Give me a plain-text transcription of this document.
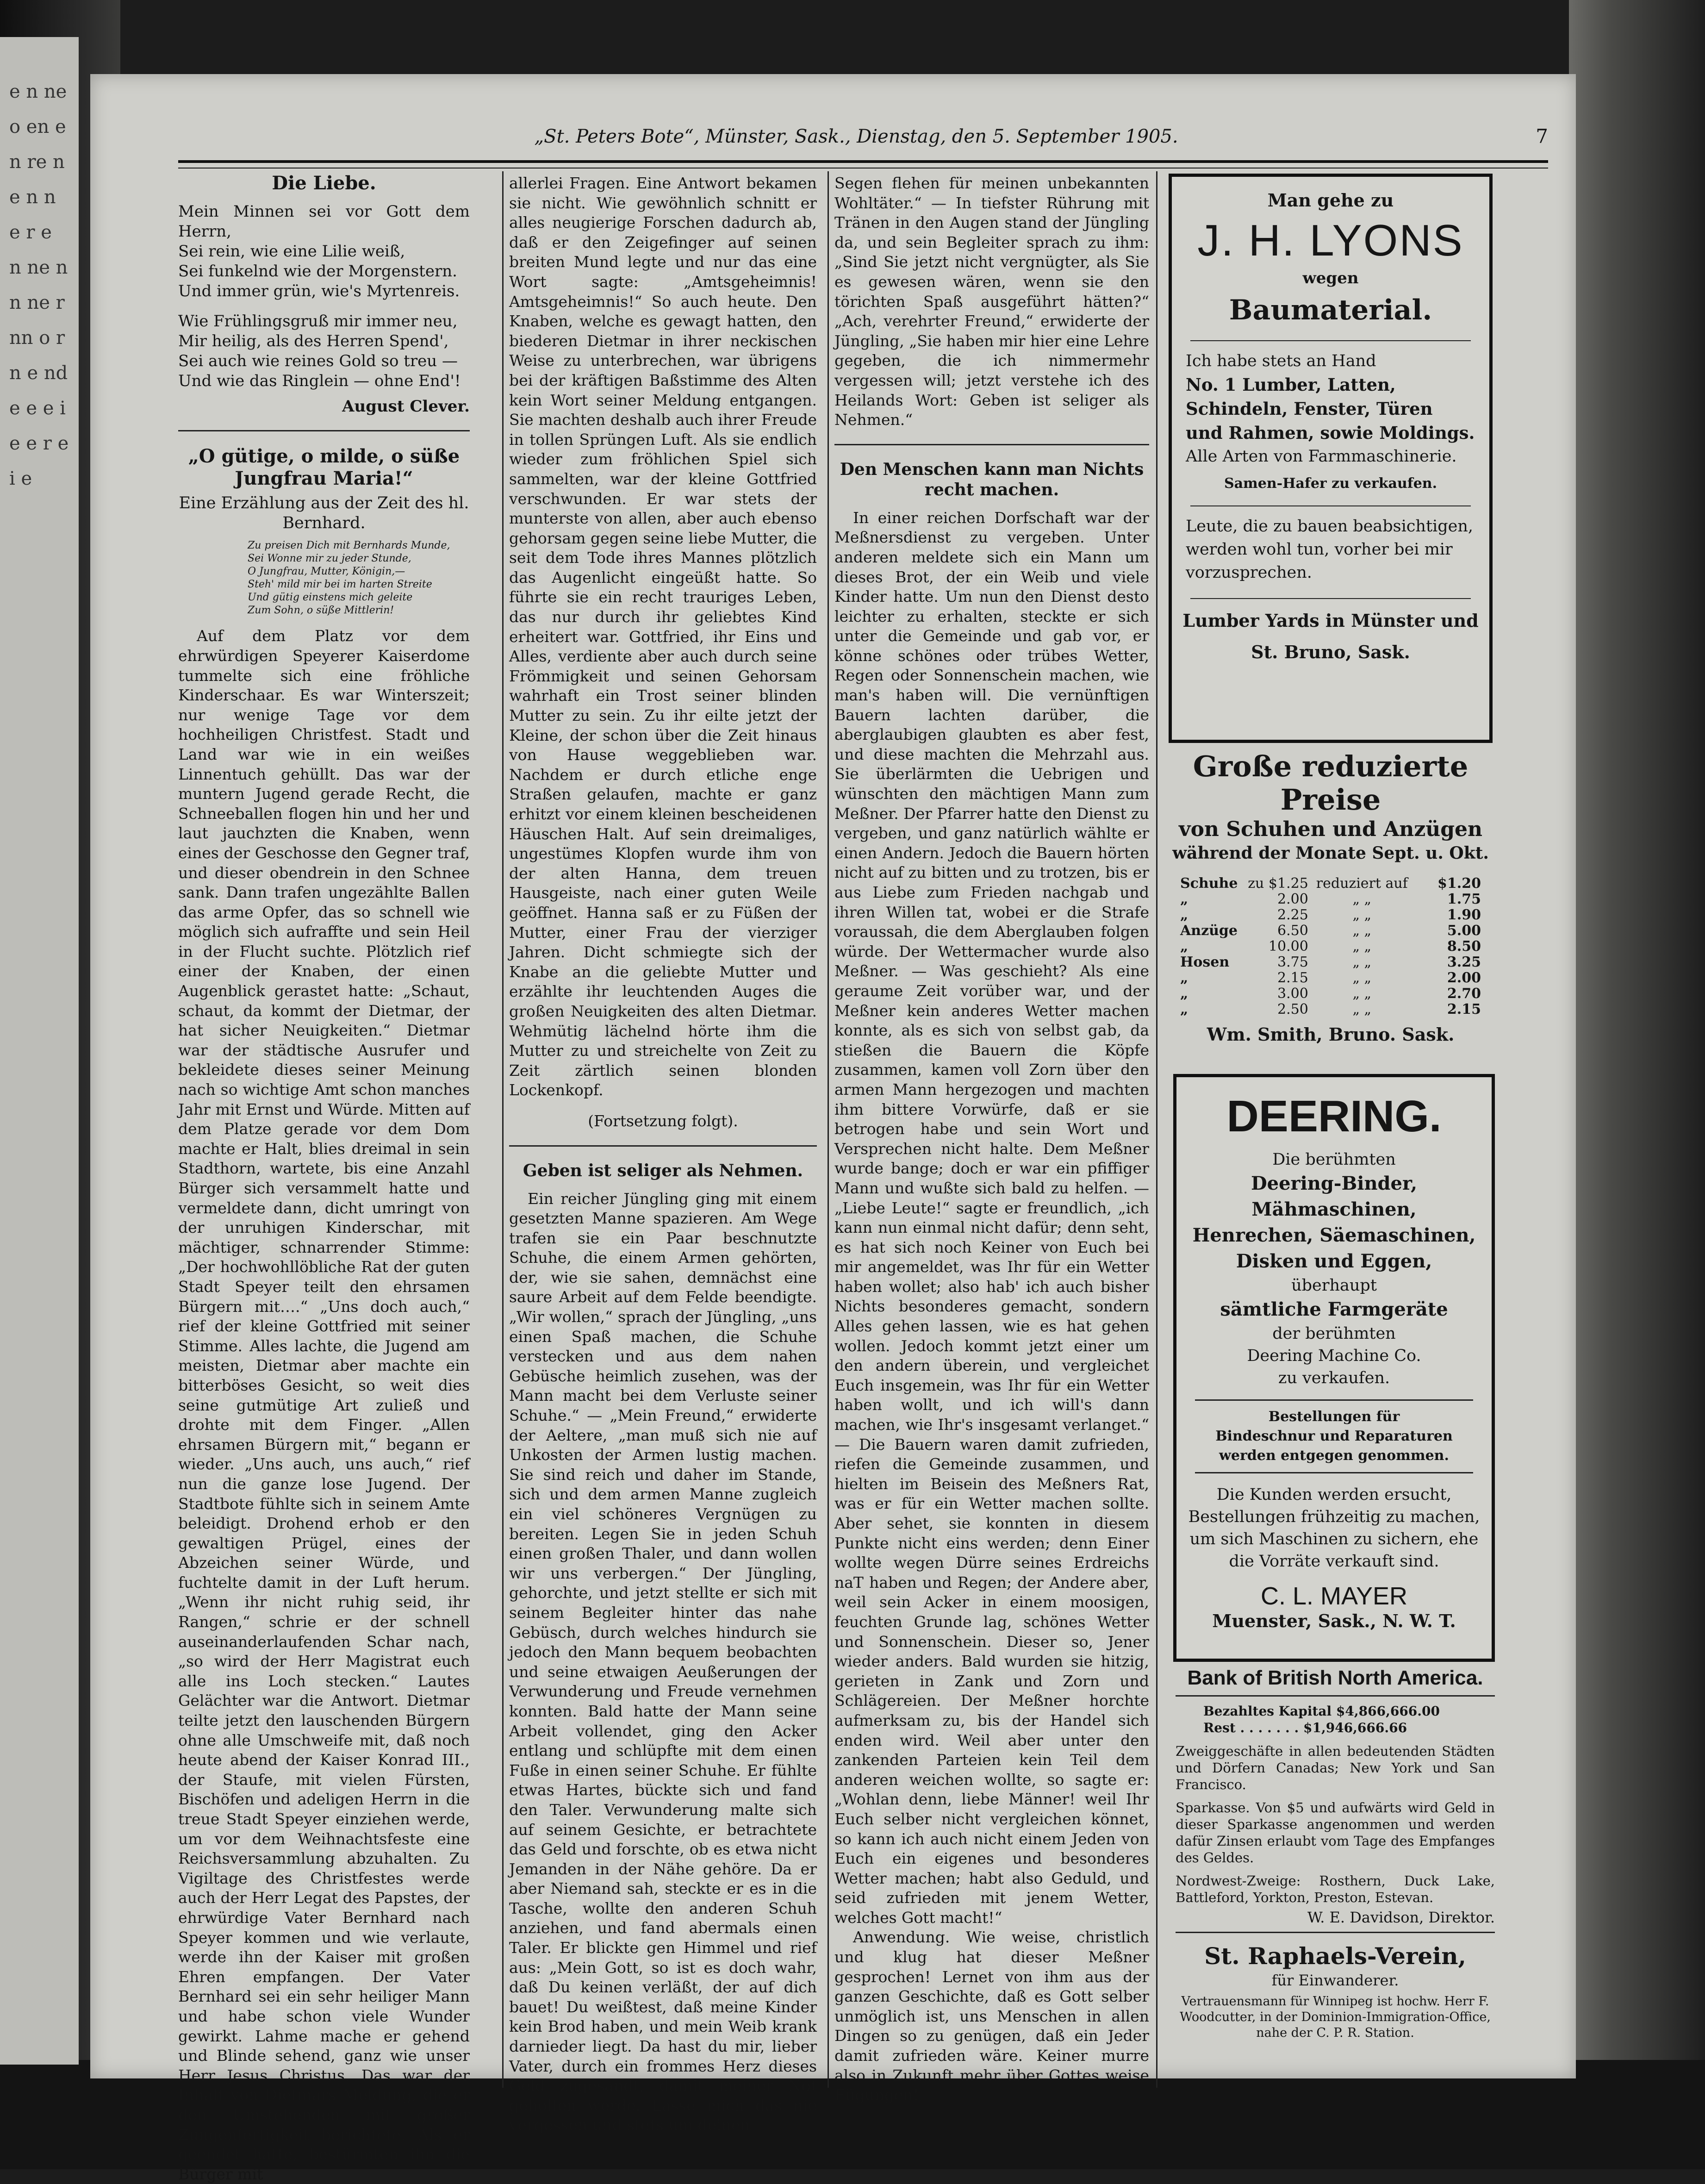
e n ne o en en re ne n n e r e n ne n n ne r nn o r n e nd e e e i e e r e i e
„St. Peters Bote“, Münster, Sask., Dienstag, den 5. September 1905.	7
Die Liebe.

Mein Minnen sei vor Gott dem Herrn,

Sei rein, wie eine Lilie weiß,

Sei funkelnd wie der Morgenstern.

Und immer grün, wie's Myrtenreis.

Wie Frühlingsgruß mir immer neu,

Mir heilig, als des Herren Spend',

Sei auch wie reines Gold so treu —

Und wie das Ringlein — ohne End'!

August Clever.
„O gütige, o milde, o süße Jungfrau Maria!“
Eine Erzählung aus der Zeit des hl. Bernhard.
Zu preisen Dich mit Bernhards Munde,
Sei Wonne mir zu jeder Stunde,
O Jungfrau, Mutter, Königin,—
Steh' mild mir bei im harten Streite
Und gütig einstens mich geleite
Zum Sohn, o süße Mittlerin!

Auf dem Platz vor dem ehrwürdigen Speyerer Kaiserdome tummelte sich eine fröhliche Kinderschaar. Es war Winterszeit; nur wenige Tage vor dem hochheiligen Christfest. Stadt und Land war wie in ein weißes Linnentuch gehüllt. Das war der muntern Jugend gerade Recht, die Schneeballen flogen hin und her und laut jauchzten die Knaben, wenn eines der Geschosse den Gegner traf, und dieser obendrein in den Schnee sank. Dann trafen ungezählte Ballen das arme Opfer, das so schnell wie möglich sich aufraffte und sein Heil in der Flucht suchte. Plötzlich rief einer der Knaben, der einen Augenblick gerastet hatte: „Schaut, schaut, da kommt der Dietmar, der hat sicher Neuigkeiten.“ Dietmar war der städtische Ausrufer und bekleidete dieses seiner Meinung nach so wichtige Amt schon manches Jahr mit Ernst und Würde. Mitten auf dem Platze gerade vor dem Dom machte er Halt, blies dreimal in sein Stadthorn, wartete, bis eine Anzahl Bürger sich versammelt hatte und vermeldete dann, dicht umringt von der unruhigen Kinderschar, mit mächtiger, schnarrender Stimme: „Der hochwohllöbliche Rat der guten Stadt Speyer teilt den ehrsamen Bürgern mit….“ „Uns doch auch,“ rief der kleine Gottfried mit seiner Stimme. Alles lachte, die Jugend am meisten, Dietmar aber machte ein bitterböses Gesicht, so weit dies seine gutmütige Art zuließ und drohte mit dem Finger. „Allen ehrsamen Bürgern mit,“ begann er wieder. „Uns auch, uns auch,“ rief nun die ganze lose Jugend. Der Stadtbote fühlte sich in seinem Amte beleidigt. Drohend erhob er den gewaltigen Prügel, eines der Abzeichen seiner Würde, und fuchtelte damit in der Luft herum. „Wenn ihr nicht ruhig seid, ihr Rangen,“ schrie er der schnell auseinanderlaufenden Schar nach, „so wird der Herr Magistrat euch alle ins Loch stecken.“ Lautes Gelächter war die Antwort. Dietmar teilte jetzt den lauschenden Bürgern ohne alle Umschweife mit, daß noch heute abend der Kaiser Konrad III., der Staufe, mit vielen Fürsten, Bischöfen und adeligen Herrn in die treue Stadt Speyer einziehen werde, um vor dem Weihnachtsfeste eine Reichsversammlung abzuhalten. Zu Vigiltage des Christfestes werde auch der Herr Legat des Papstes, der ehrwürdige Vater Bernhard nach Speyer kommen und wie verlaute, werde ihn der Kaiser mit großen Ehren empfangen. Der Vater Bernhard sei ein sehr heiliger Mann und habe schon viele Wunder gewirkt. Lahme mache er gehend und Blinde sehend, ganz wie unser Herr Jesus Christus. Das war der Inhalt von Dietmars Meldung, die er den Umstehenden mit großer Zungenfertigkeit berichtete. Als er geendet hatte, bestürmten ihn die Bürger mit

allerlei Fragen. Eine Antwort bekamen sie nicht. Wie gewöhnlich schnitt er alles neugierige Forschen dadurch ab, daß er den Zeigefinger auf seinen breiten Mund legte und nur das eine Wort sagte: „Amtsgeheimnis! Amtsgeheimnis!“ So auch heute. Den Knaben, welche es gewagt hatten, den biederen Dietmar in ihrer neckischen Weise zu unterbrechen, war übrigens bei der kräftigen Baßstimme des Alten kein Wort seiner Meldung entgangen. Sie machten deshalb auch ihrer Freude in tollen Sprüngen Luft. Als sie endlich wieder zum fröhlichen Spiel sich sammelten, war der kleine Gottfried verschwunden. Er war stets der munterste von allen, aber auch ebenso gehorsam gegen seine liebe Mutter, die seit dem Tode ihres Mannes plötzlich das Augenlicht eingeüßt hatte. So führte sie ein recht trauriges Leben, das nur durch ihr geliebtes Kind erheitert war. Gottfried, ihr Eins und Alles, verdiente aber auch durch seine Frömmigkeit und seinen Gehorsam wahrhaft ein Trost seiner blinden Mutter zu sein. Zu ihr eilte jetzt der Kleine, der schon über die Zeit hinaus von Hause weggeblieben war. Nachdem er durch etliche enge Straßen gelaufen, machte er ganz erhitzt vor einem kleinen bescheidenen Häuschen Halt. Auf sein dreimaliges, ungestümes Klopfen wurde ihm von der alten Hanna, dem treuen Hausgeiste, nach einer guten Weile geöffnet. Hanna saß er zu Füßen der Mutter, einer Frau der vierziger Jahren. Dicht schmiegte sich der Knabe an die geliebte Mutter und erzählte ihr leuchtenden Auges die großen Neuigkeiten des alten Dietmar. Wehmütig lächelnd hörte ihm die Mutter zu und streichelte von Zeit zu Zeit zärtlich seinen blonden Lockenkopf.

(Fortsetzung folgt).
Geben ist seliger als Nehmen.

Ein reicher Jüngling ging mit einem gesetzten Manne spazieren. Am Wege trafen sie ein Paar beschnutzte Schuhe, die einem Armen gehörten, der, wie sie sahen, demnächst eine saure Arbeit auf dem Felde beendigte. „Wir wollen,“ sprach der Jüngling, „uns einen Spaß machen, die Schuhe verstecken und aus dem nahen Gebüsche heimlich zusehen, was der Mann macht bei dem Verluste seiner Schuhe.“ — „Mein Freund,“ erwiderte der Aeltere, „man muß sich nie auf Unkosten der Armen lustig machen. Sie sind reich und daher im Stande, sich und dem armen Manne zugleich ein viel schöneres Vergnügen zu bereiten. Legen Sie in jeden Schuh einen großen Thaler, und dann wollen wir uns verbergen.“ Der Jüngling, gehorchte, und jetzt stellte er sich mit seinem Begleiter hinter das nahe Gebüsch, durch welches hindurch sie jedoch den Mann bequem beobachten und seine etwaigen Aeußerungen der Verwunderung und Freude vernehmen konnten. Bald hatte der Mann seine Arbeit vollendet, ging den Acker entlang und schlüpfte mit dem einen Fuße in einen seiner Schuhe. Er fühlte etwas Hartes, bückte sich und fand den Taler. Verwunderung malte sich auf seinem Gesichte, er betrachtete das Geld und forschte, ob es etwa nicht Jemanden in der Nähe gehöre. Da er aber Niemand sah, steckte er es in die Tasche, wollte den anderen Schuh anziehen, und fand abermals einen Taler. Er blickte gen Himmel und rief aus: „Mein Gott, so ist es doch wahr, daß Du keinen verläßt, der auf dich bauet! Du weißtest, daß meine Kinder kein Brod haben, und mein Weib krank darnieder liegt. Da hast du mir, lieber Vater, durch ein frommes Herz dieses Geld zugesandt, damit meiner Not geholfen werde. Lasse mich das nie vergessen und stets um deinen

Segen flehen für meinen unbekannten Wohltäter.“ — In tiefster Rührung mit Tränen in den Augen stand der Jüngling da, und sein Begleiter sprach zu ihm: „Sind Sie jetzt nicht vergnügter, als Sie es gewesen wären, wenn sie den törichten Spaß ausgeführt hätten?“ „Ach, verehrter Freund,“ erwiderte der Jüngling, „Sie haben mir hier eine Lehre gegeben, die ich nimmermehr vergessen will; jetzt verstehe ich des Heilands Wort: Geben ist seliger als Nehmen.“

Den Menschen kann man Nichts recht machen.

In einer reichen Dorfschaft war der Meßnersdienst zu vergeben. Unter anderen meldete sich ein Mann um dieses Brot, der ein Weib und viele Kinder hatte. Um nun den Dienst desto leichter zu erhalten, steckte er sich unter die Gemeinde und gab vor, er könne schönes oder trübes Wetter, Regen oder Sonnenschein machen, wie man's haben will. Die vernünftigen Bauern lachten darüber, die aberglaubigen glaubten es aber fest, und diese machten die Mehrzahl aus. Sie überlärmten die Uebrigen und wünschten den mächtigen Mann zum Meßner. Der Pfarrer hatte den Dienst zu vergeben, und ganz natürlich wählte er einen Andern. Jedoch die Bauern hörten nicht auf zu bitten und zu trotzen, bis er aus Liebe zum Frieden nachgab und ihren Willen tat, wobei er die Strafe voraussah, die dem Aberglauben folgen würde. Der Wettermacher wurde also Meßner. — Was geschieht? Als eine geraume Zeit vorüber war, und der Meßner kein anderes Wetter machen konnte, als es sich von selbst gab, da stießen die Bauern die Köpfe zusammen, kamen voll Zorn über den armen Mann hergezogen und machten ihm bittere Vorwürfe, daß er sie betrogen habe und sein Wort und Versprechen nicht halte. Dem Meßner wurde bange; doch er war ein pfiffiger Mann und wußte sich bald zu helfen. — „Liebe Leute!“ sagte er freundlich, „ich kann nun einmal nicht dafür; denn seht, es hat sich noch Keiner von Euch bei mir angemeldet, was Ihr für ein Wetter haben wollet; also hab' ich auch bisher Nichts besonderes gemacht, sondern Alles gehen lassen, wie es hat gehen wollen. Jedoch kommt jetzt einer um den andern überein, und vergleichet Euch insgemein, was Ihr für ein Wetter haben wollt, und ich will's dann machen, wie Ihr's insgesamt verlanget.“ — Die Bauern waren damit zufrieden, riefen die Gemeinde zusammen, und hielten im Beisein des Meßners Rat, was er für ein Wetter machen sollte. Aber sehet, sie konnten in diesem Punkte nicht eins werden; denn Einer wollte wegen Dürre seines Erdreichs naT haben und Regen; der Andere aber, weil sein Acker in einem moosigen, feuchten Grunde lag, schönes Wetter und Sonnenschein. Dieser so, Jener wieder anders. Bald wurden sie hitzig, gerieten in Zank und Zorn und Schlägereien. Der Meßner horchte aufmerksam zu, bis der Handel sich enden wird. Weil aber unter den zankenden Parteien kein Teil dem anderen weichen wollte, so sagte er: „Wohlan denn, liebe Männer! weil Ihr Euch selber nicht vergleichen könnet, so kann ich auch nicht einem Jeden von Euch ein eigenes und besonderes Wetter machen; habt also Geduld, und seid zufrieden mit jenem Wetter, welches Gott macht!“

Anwendung. Wie weise, christlich und klug hat dieser Meßner gesprochen! Lernet von ihm aus der ganzen Geschichte, daß es Gott selber unmöglich ist, uns Menschen in allen Dingen so zu genügen, daß ein Jeder damit zufrieden wäre. Keiner murre also in Zukunft mehr über Gottes weise Fügungen!

Man gehe zu
J. H. LYONS
wegen
Baumaterial.
Ich habe stets an Hand
No. 1 Lumber, Latten,
Schindeln, Fenster, Türen
und Rahmen, sowie Moldings.
Alle Arten von Farmmaschinerie.
Samen-Hafer zu verkaufen.
Leute, die zu bauen beabsichtigen, werden wohl tun, vorher bei mir vorzusprechen.
Lumber Yards in Münster und
St. Bruno, Sask.
Große reduzierte Preise
von Schuhen und Anzügen
während der Monate Sept. u. Okt.
Schuhe	zu $1.25	reduziert auf	$1.20
„	2.00	„ „	1.75
„	2.25	„ „	1.90
Anzüge	6.50	„ „	5.00
„	10.00	„ „	8.50
Hosen	3.75	„ „	3.25
„	2.15	„ „	2.00
„	3.00	„ „	2.70
„	2.50	„ „	2.15
Wm. Smith, Bruno. Sask.
DEERING.
Die berühmten
Deering-Binder, Mähmaschinen,
Henrechen, Säemaschinen,
Disken und Eggen,
überhaupt
sämtliche Farmgeräte
der berühmten
Deering Machine Co.
zu verkaufen.
Bestellungen für
Bindeschnur und Reparaturen
werden entgegen genommen.
Die Kunden werden ersucht, Bestellungen frühzeitig zu machen, um sich Maschinen zu sichern, ehe die Vorräte verkauft sind.
C. L. MAYER
Muenster, Sask., N. W. T.
Bank of British North America.
Bezahltes Kapital $4,866,666.00
Rest . . . . . . . $1,946,666.66
Zweiggeschäfte in allen bedeutenden Städten und Dörfern Canadas; New York und San Francisco.
Sparkasse. Von $5 und aufwärts wird Geld in dieser Sparkasse angenommen und werden dafür Zinsen erlaubt vom Tage des Empfanges des Geldes.
Nordwest-Zweige: Rosthern, Duck Lake, Battleford, Yorkton, Preston, Estevan.
W. E. Davidson, Direktor.
St. Raphaels-Verein,
für Einwanderer.
Vertrauensmann für Winnipeg ist hochw. Herr F. Woodcutter, in der Dominion-Immigration-Office, nahe der C. P. R. Station.
